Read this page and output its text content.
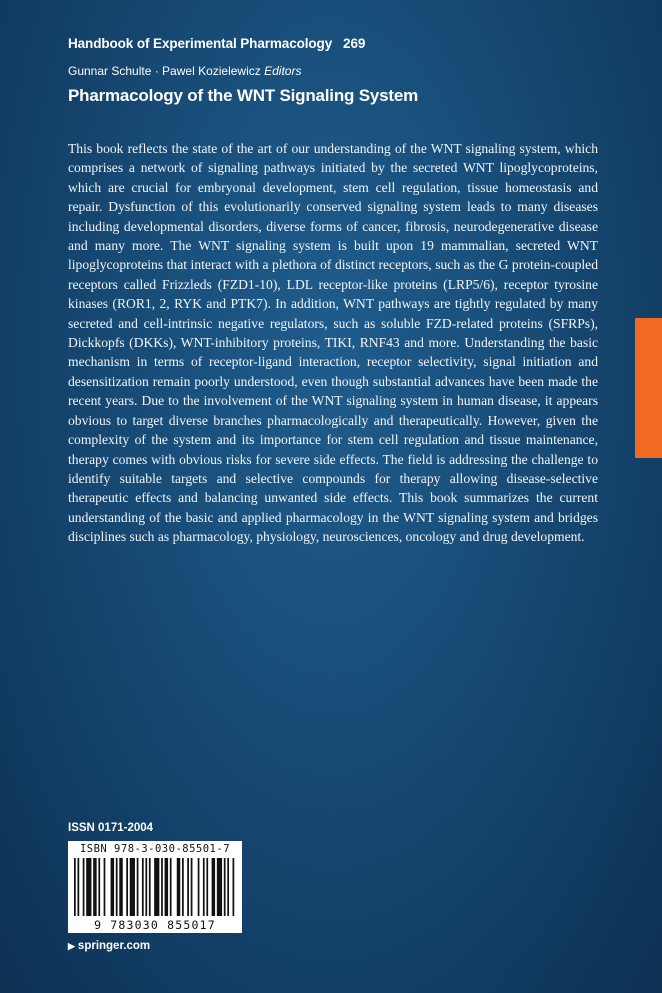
Handbook of Experimental Pharmacology   269
Gunnar Schulte · Pawel Kozielewicz Editors
Pharmacology of the WNT Signaling System

This book reflects the state of the art of our understanding of the WNT signaling system, which comprises a network of signaling pathways initiated by the secreted WNT lipoglycoproteins, which are crucial for embryonal development, stem cell regulation, tissue homeostasis and repair. Dysfunction of this evolutionarily conserved signaling system leads to many diseases including developmental disorders, diverse forms of cancer, fibrosis, neurodegenerative disease and many more. The WNT signaling system is built upon 19 mammalian, secreted WNT lipoglycoproteins that interact with a plethora of distinct receptors, such as the G protein-coupled receptors called Frizzleds (FZD1-10), LDL receptor-like proteins (LRP5/6), receptor tyrosine kinases (ROR1, 2, RYK and PTK7). In addition, WNT pathways are tightly regulated by many secreted and cell-intrinsic negative regulators, such as soluble FZD-related proteins (SFRPs), Dickkopfs (DKKs), WNT-inhibitory proteins, TIKI, RNF43 and more. Understanding the basic mechanism in terms of receptor-ligand interaction, receptor selectivity, signal initiation and desensitization remain poorly understood, even though substantial advances have been made the recent years. Due to the involvement of the WNT signaling system in human disease, it appears obvious to target diverse branches pharmacologically and therapeutically. However, given the complexity of the system and its importance for stem cell regulation and tissue maintenance, therapy comes with obvious risks for severe side effects. The field is addressing the challenge to identify suitable targets and selective compounds for therapy allowing disease-selective therapeutic effects and balancing unwanted side effects. This book summarizes the current understanding of the basic and applied pharmacology in the WNT signaling system and bridges disciplines such as pharmacology, physiology, neurosciences, oncology and drug development.

ISSN 0171-2004
ISBN 978-3-030-85501-7
9 783030 855017
▶ springer.com
